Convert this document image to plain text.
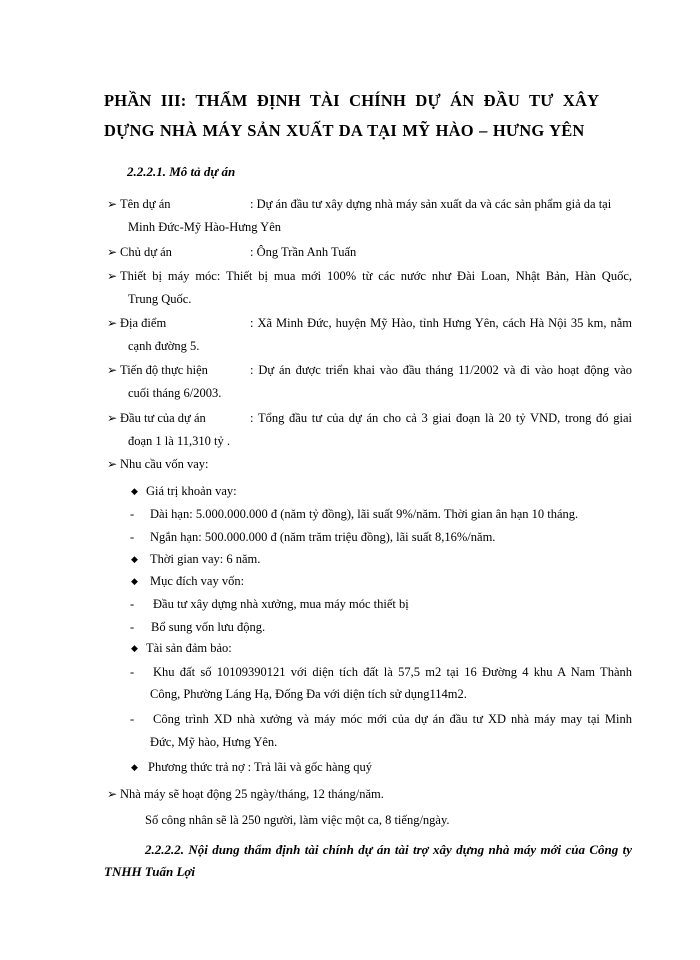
PHẦN III: THẨM ĐỊNH TÀI CHÍNH DỰ ÁN ĐẦU TƯ XÂY
DỰNG NHÀ MÁY SẢN XUẤT DA TẠI MỸ HÀO – HƯNG YÊN
2.2.2.1. Mô tả dự án
➢ Tên dự án	: Dự án đầu tư xây dựng nhà máy sản xuất da và các sản phẩm giả da tại
Minh Đức-Mỹ Hào-Hưng Yên
➢ Chủ dự án	: Ông Trần Anh Tuấn
➢ Thiết bị máy móc: Thiết bị mua mới 100% từ các nước như Đài Loan, Nhật Bản, Hàn Quốc,
Trung Quốc.
➢ Địa điểm	: Xã Minh Đức, huyện Mỹ Hào, tỉnh Hưng Yên, cách Hà Nội 35 km, nằm
cạnh đường 5.
➢ Tiến độ thực hiện	: Dự án được triển khai vào đầu tháng 11/2002 và đi vào hoạt động vào
cuối tháng 6/2003.
➢ Đầu tư của dự án	: Tổng đầu tư của dự án cho cả 3 giai đoạn là 20 tỷ VND, trong đó giai
đoạn 1 là 11,310 tỷ .
➢ Nhu cầu vốn vay:
◆ Giá trị khoản vay:
- Dài hạn: 5.000.000.000 đ (năm tỷ đồng), lãi suất 9%/năm. Thời gian ân hạn 10 tháng.
- Ngắn hạn: 500.000.000 đ (năm trăm triệu đồng), lãi suất 8,16%/năm.
◆ Thời gian vay: 6 năm.
◆ Mục đích vay vốn:
- Đầu tư xây dựng nhà xưởng, mua máy móc thiết bị
- Bổ sung vốn lưu động.
◆ Tài sản đảm bảo:
- Khu đất số 10109390121 với diện tích đất là 57,5 m2 tại 16 Đường 4 khu A Nam Thành
Công, Phường Láng Hạ, Đống Đa với diện tích sử dụng114m2.
- Công trình XD nhà xưởng và máy móc mới của dự án đầu tư XD nhà máy may tại Minh
Đức, Mỹ hào, Hưng Yên.
◆ Phương thức trả nợ : Trả lãi và gốc hàng quý
➢ Nhà máy sẽ hoạt động 25 ngày/tháng, 12 tháng/năm.
Số công nhân sẽ là 250 người, làm việc một ca, 8 tiếng/ngày.
2.2.2.2. Nội dung thẩm định tài chính dự án tài trợ xây dựng nhà máy mới của Công ty
TNHH Tuấn Lợi
